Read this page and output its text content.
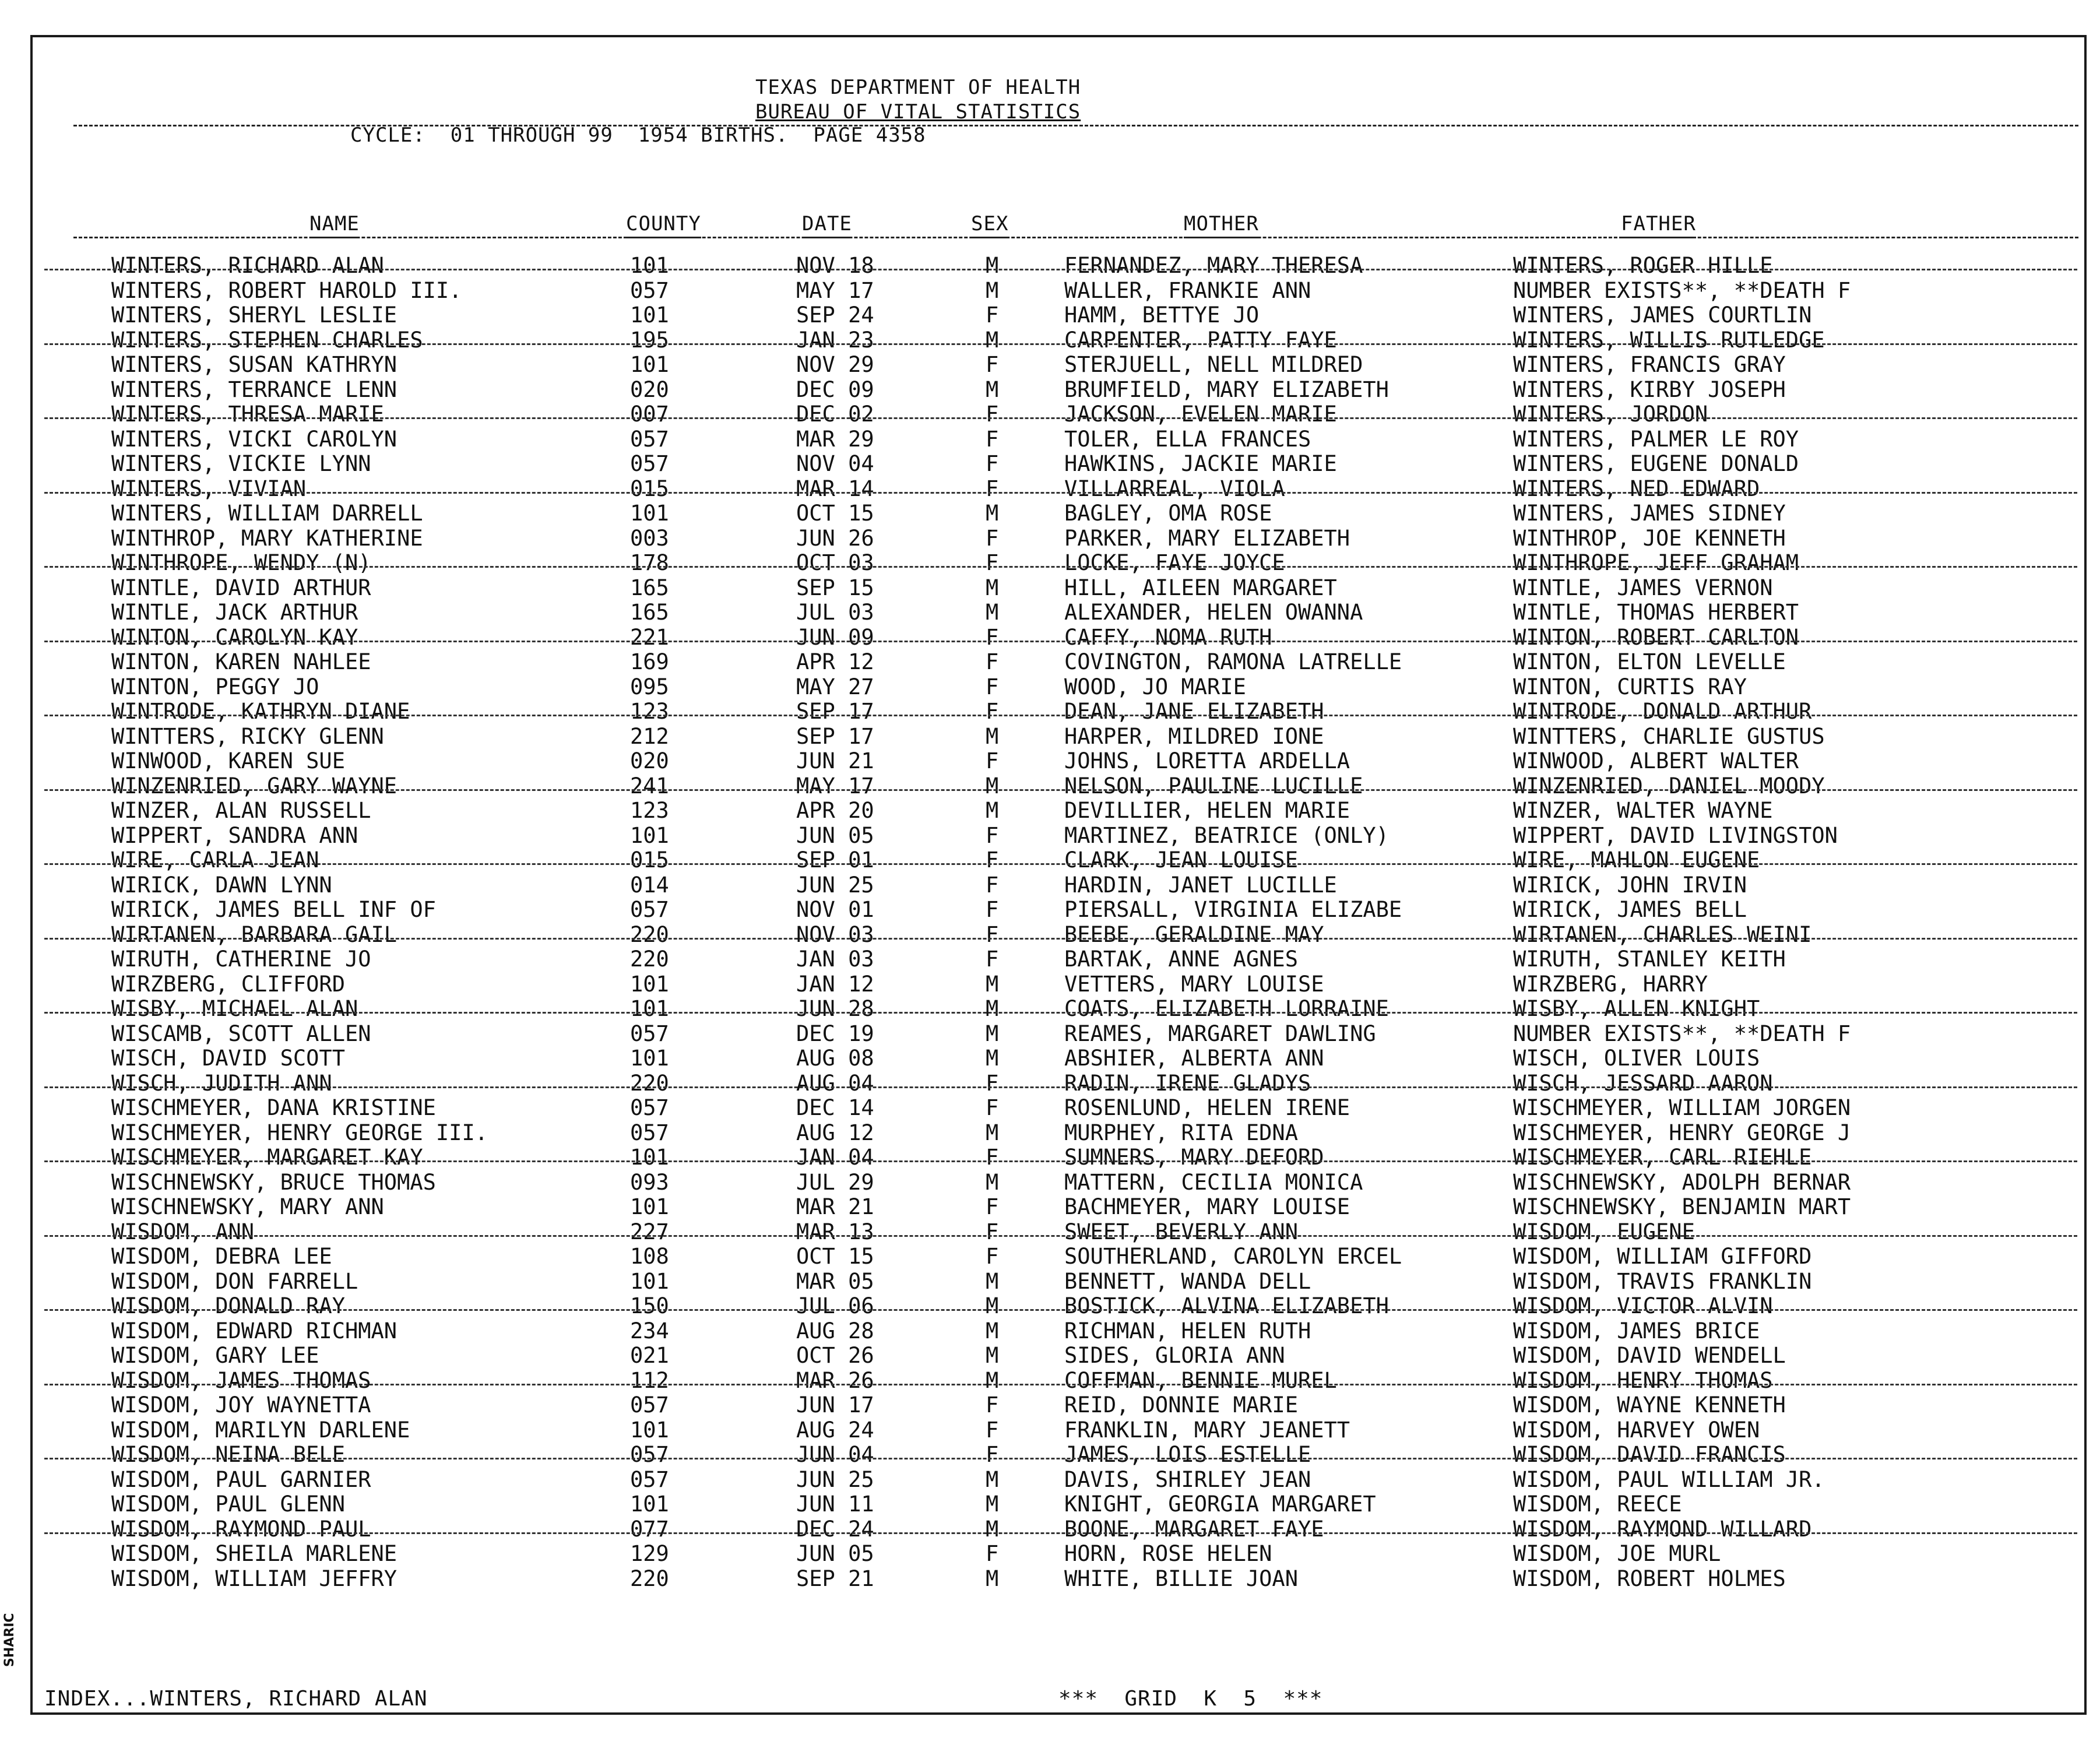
TEXAS DEPARTMENT OF HEALTH
BUREAU OF VITAL STATISTICS
CYCLE:  01 THROUGH 99  1954 BIRTHS.  PAGE 4358
NAME	COUNTY	DATE	SEX	MOTHER	FATHER
WINTERS, RICHARD ALAN	101	NOV 18	M	FERNANDEZ, MARY THERESA	WINTERS, ROGER HILLE
WINTERS, ROBERT HAROLD III.	057	MAY 17	M	WALLER, FRANKIE ANN	NUMBER EXISTS**, **DEATH F
WINTERS, SHERYL LESLIE	101	SEP 24	F	HAMM, BETTYE JO	WINTERS, JAMES COURTLIN
WINTERS, STEPHEN CHARLES	195	JAN 23	M	CARPENTER, PATTY FAYE	WINTERS, WILLIS RUTLEDGE
WINTERS, SUSAN KATHRYN	101	NOV 29	F	STERJUELL, NELL MILDRED	WINTERS, FRANCIS GRAY
WINTERS, TERRANCE LENN	020	DEC 09	M	BRUMFIELD, MARY ELIZABETH	WINTERS, KIRBY JOSEPH
WINTERS, THRESA MARIE	007	DEC 02	F	JACKSON, EVELEN MARIE	WINTERS, JORDON
WINTERS, VICKI CAROLYN	057	MAR 29	F	TOLER, ELLA FRANCES	WINTERS, PALMER LE ROY
WINTERS, VICKIE LYNN	057	NOV 04	F	HAWKINS, JACKIE MARIE	WINTERS, EUGENE DONALD
WINTERS, VIVIAN	015	MAR 14	F	VILLARREAL, VIOLA	WINTERS, NED EDWARD
WINTERS, WILLIAM DARRELL	101	OCT 15	M	BAGLEY, OMA ROSE	WINTERS, JAMES SIDNEY
WINTHROP, MARY KATHERINE	003	JUN 26	F	PARKER, MARY ELIZABETH	WINTHROP, JOE KENNETH
WINTHROPE, WENDY (N)	178	OCT 03	F	LOCKE, FAYE JOYCE	WINTHROPE, JEFF GRAHAM
WINTLE, DAVID ARTHUR	165	SEP 15	M	HILL, AILEEN MARGARET	WINTLE, JAMES VERNON
WINTLE, JACK ARTHUR	165	JUL 03	M	ALEXANDER, HELEN OWANNA	WINTLE, THOMAS HERBERT
WINTON, CAROLYN KAY	221	JUN 09	F	CAFFY, NOMA RUTH	WINTON, ROBERT CARLTON
WINTON, KAREN NAHLEE	169	APR 12	F	COVINGTON, RAMONA LATRELLE	WINTON, ELTON LEVELLE
WINTON, PEGGY JO	095	MAY 27	F	WOOD, JO MARIE	WINTON, CURTIS RAY
WINTRODE, KATHRYN DIANE	123	SEP 17	F	DEAN, JANE ELIZABETH	WINTRODE, DONALD ARTHUR
WINTTERS, RICKY GLENN	212	SEP 17	M	HARPER, MILDRED IONE	WINTTERS, CHARLIE GUSTUS
WINWOOD, KAREN SUE	020	JUN 21	F	JOHNS, LORETTA ARDELLA	WINWOOD, ALBERT WALTER
WINZENRIED, GARY WAYNE	241	MAY 17	M	NELSON, PAULINE LUCILLE	WINZENRIED, DANIEL MOODY
WINZER, ALAN RUSSELL	123	APR 20	M	DEVILLIER, HELEN MARIE	WINZER, WALTER WAYNE
WIPPERT, SANDRA ANN	101	JUN 05	F	MARTINEZ, BEATRICE (ONLY)	WIPPERT, DAVID LIVINGSTON
WIRE, CARLA JEAN	015	SEP 01	F	CLARK, JEAN LOUISE	WIRE, MAHLON EUGENE
WIRICK, DAWN LYNN	014	JUN 25	F	HARDIN, JANET LUCILLE	WIRICK, JOHN IRVIN
WIRICK, JAMES BELL INF OF	057	NOV 01	F	PIERSALL, VIRGINIA ELIZABE	WIRICK, JAMES BELL
WIRTANEN, BARBARA GAIL	220	NOV 03	F	BEEBE, GERALDINE MAY	WIRTANEN, CHARLES WEINI
WIRUTH, CATHERINE JO	220	JAN 03	F	BARTAK, ANNE AGNES	WIRUTH, STANLEY KEITH
WIRZBERG, CLIFFORD	101	JAN 12	M	VETTERS, MARY LOUISE	WIRZBERG, HARRY
WISBY, MICHAEL ALAN	101	JUN 28	M	COATS, ELIZABETH LORRAINE	WISBY, ALLEN KNIGHT
WISCAMB, SCOTT ALLEN	057	DEC 19	M	REAMES, MARGARET DAWLING	NUMBER EXISTS**, **DEATH F
WISCH, DAVID SCOTT	101	AUG 08	M	ABSHIER, ALBERTA ANN	WISCH, OLIVER LOUIS
WISCH, JUDITH ANN	220	AUG 04	F	RADIN, IRENE GLADYS	WISCH, JESSARD AARON
WISCHMEYER, DANA KRISTINE	057	DEC 14	F	ROSENLUND, HELEN IRENE	WISCHMEYER, WILLIAM JORGEN
WISCHMEYER, HENRY GEORGE III.	057	AUG 12	M	MURPHEY, RITA EDNA	WISCHMEYER, HENRY GEORGE J
WISCHMEYER, MARGARET KAY	101	JAN 04	F	SUMNERS, MARY DEFORD	WISCHMEYER, CARL RIEHLE
WISCHNEWSKY, BRUCE THOMAS	093	JUL 29	M	MATTERN, CECILIA MONICA	WISCHNEWSKY, ADOLPH BERNAR
WISCHNEWSKY, MARY ANN	101	MAR 21	F	BACHMEYER, MARY LOUISE	WISCHNEWSKY, BENJAMIN MART
WISDOM, ANN	227	MAR 13	F	SWEET, BEVERLY ANN	WISDOM, EUGENE
WISDOM, DEBRA LEE	108	OCT 15	F	SOUTHERLAND, CAROLYN ERCEL	WISDOM, WILLIAM GIFFORD
WISDOM, DON FARRELL	101	MAR 05	M	BENNETT, WANDA DELL	WISDOM, TRAVIS FRANKLIN
WISDOM, DONALD RAY	150	JUL 06	M	BOSTICK, ALVINA ELIZABETH	WISDOM, VICTOR ALVIN
WISDOM, EDWARD RICHMAN	234	AUG 28	M	RICHMAN, HELEN RUTH	WISDOM, JAMES BRICE
WISDOM, GARY LEE	021	OCT 26	M	SIDES, GLORIA ANN	WISDOM, DAVID WENDELL
WISDOM, JAMES THOMAS	112	MAR 26	M	COFFMAN, BENNIE MUREL	WISDOM, HENRY THOMAS
WISDOM, JOY WAYNETTA	057	JUN 17	F	REID, DONNIE MARIE	WISDOM, WAYNE KENNETH
WISDOM, MARILYN DARLENE	101	AUG 24	F	FRANKLIN, MARY JEANETT	WISDOM, HARVEY OWEN
WISDOM, NEINA BELE	057	JUN 04	F	JAMES, LOIS ESTELLE	WISDOM, DAVID FRANCIS
WISDOM, PAUL GARNIER	057	JUN 25	M	DAVIS, SHIRLEY JEAN	WISDOM, PAUL WILLIAM JR.
WISDOM, PAUL GLENN	101	JUN 11	M	KNIGHT, GEORGIA MARGARET	WISDOM, REECE
WISDOM, RAYMOND PAUL	077	DEC 24	M	BOONE, MARGARET FAYE	WISDOM, RAYMOND WILLARD
WISDOM, SHEILA MARLENE	129	JUN 05	F	HORN, ROSE HELEN	WISDOM, JOE MURL
WISDOM, WILLIAM JEFFRY	220	SEP 21	M	WHITE, BILLIE JOAN	WISDOM, ROBERT HOLMES
INDEX...WINTERS, RICHARD ALAN	***  GRID  K  5  ***
SHARIC
